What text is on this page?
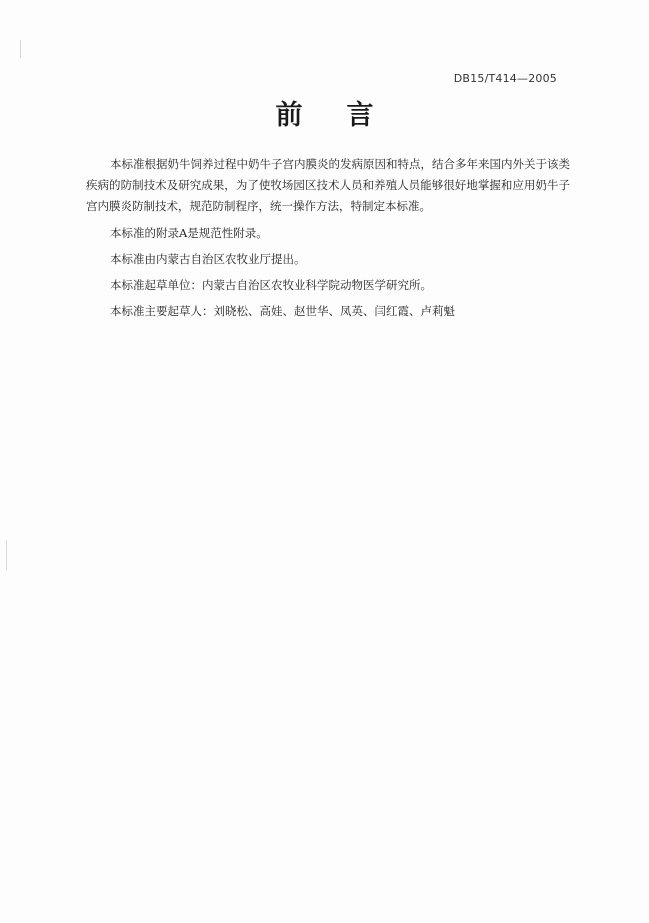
DB15/T414—2005
前言

本标准根据奶牛饲养过程中奶牛子宫内膜炎的发病原因和特点，结合多年来国内外关于该类疾病的防制技术及研究成果，为了使牧场园区技术人员和养殖人员能够很好地掌握和应用奶牛子宫内膜炎防制技术，规范防制程序，统一操作方法，特制定本标准。

本标准的附录A是规范性附录。

本标准由内蒙古自治区农牧业厅提出。

本标准起草单位：内蒙古自治区农牧业科学院动物医学研究所。

本标准主要起草人：刘晓松、高娃、赵世华、凤英、闫红霞、卢莉魁
